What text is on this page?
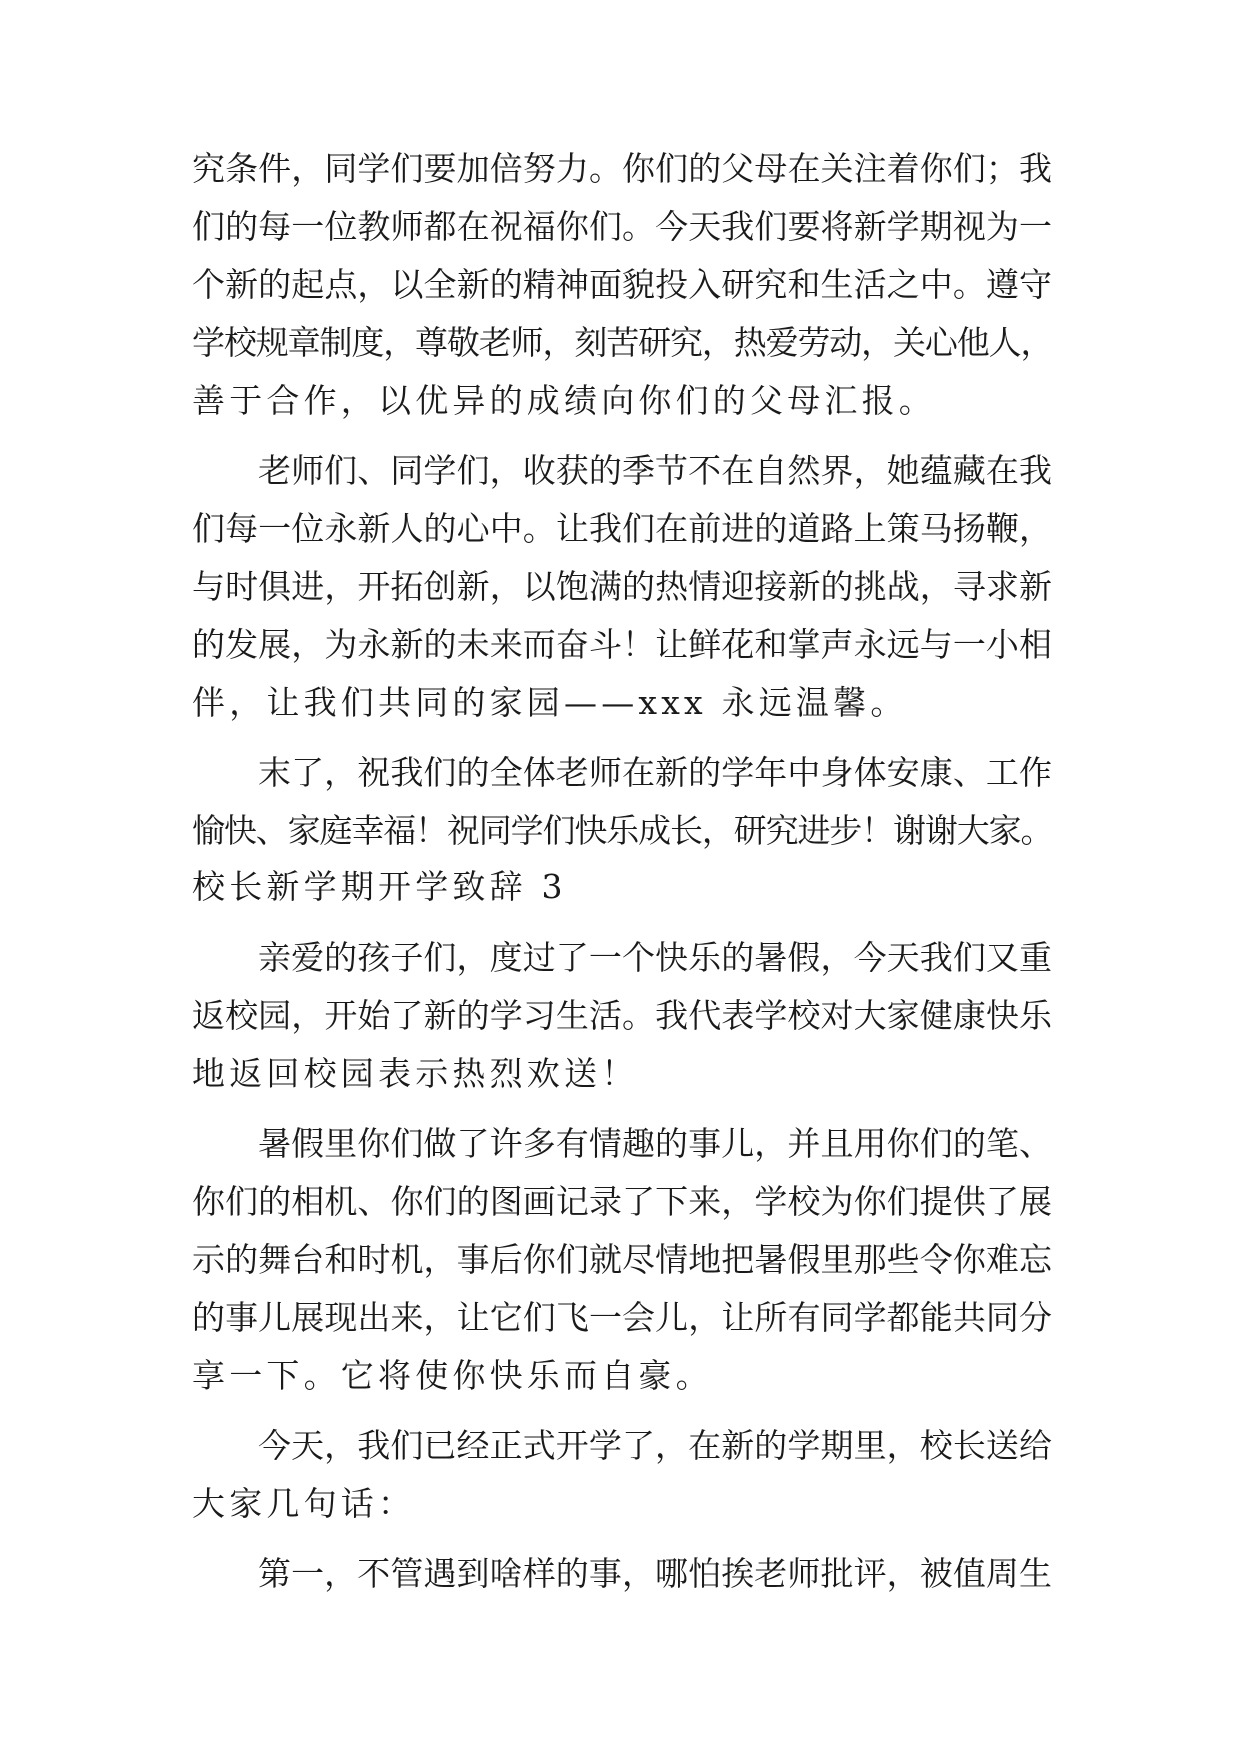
究条件，同学们要加倍努力。你们的父母在关注着你们；我
们的每一位教师都在祝福你们。今天我们要将新学期视为一
个新的起点，以全新的精神面貌投入研究和生活之中。遵守
学校规章制度，尊敬老师，刻苦研究，热爱劳动，关心他人，
善于合作，以优异的成绩向你们的父母汇报。
老师们、同学们，收获的季节不在自然界，她蕴藏在我
们每一位永新人的心中。让我们在前进的道路上策马扬鞭，
与时俱进，开拓创新，以饱满的热情迎接新的挑战，寻求新
的发展，为永新的未来而奋斗！让鲜花和掌声永远与一小相
伴，让我们共同的家园——xxx 永远温馨。
末了，祝我们的全体老师在新的学年中身体安康、工作
愉快、家庭幸福！祝同学们快乐成长，研究进步！谢谢大家。
校长新学期开学致辞 3
亲爱的孩子们，度过了一个快乐的暑假，今天我们又重
返校园，开始了新的学习生活。我代表学校对大家健康快乐
地返回校园表示热烈欢送！
暑假里你们做了许多有情趣的事儿，并且用你们的笔、
你们的相机、你们的图画记录了下来，学校为你们提供了展
示的舞台和时机，事后你们就尽情地把暑假里那些令你难忘
的事儿展现出来，让它们飞一会儿，让所有同学都能共同分
享一下。它将使你快乐而自豪。
今天，我们已经正式开学了，在新的学期里，校长送给
大家几句话：
第一，不管遇到啥样的事，哪怕挨老师批评，被值周生
